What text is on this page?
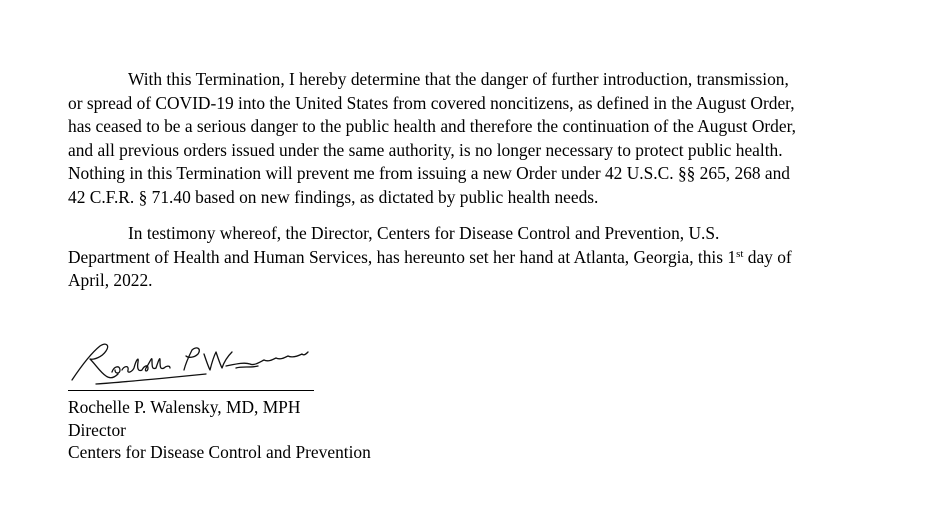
With this Termination, I hereby determine that the danger of further introduction, transmission,
or spread of COVID-19 into the United States from covered noncitizens, as defined in the August Order,
has ceased to be a serious danger to the public health and therefore the continuation of the August Order,
and all previous orders issued under the same authority, is no longer necessary to protect public health.
Nothing in this Termination will prevent me from issuing a new Order under 42 U.S.C. §§ 265, 268 and
42 C.F.R. § 71.40 based on new findings, as dictated by public health needs.

In testimony whereof, the Director, Centers for Disease Control and Prevention, U.S.
Department of Health and Human Services, has hereunto set her hand at Atlanta, Georgia, this 1st day of
April, 2022.

Rochelle P. Walensky, MD, MPH
Director
Centers for Disease Control and Prevention
